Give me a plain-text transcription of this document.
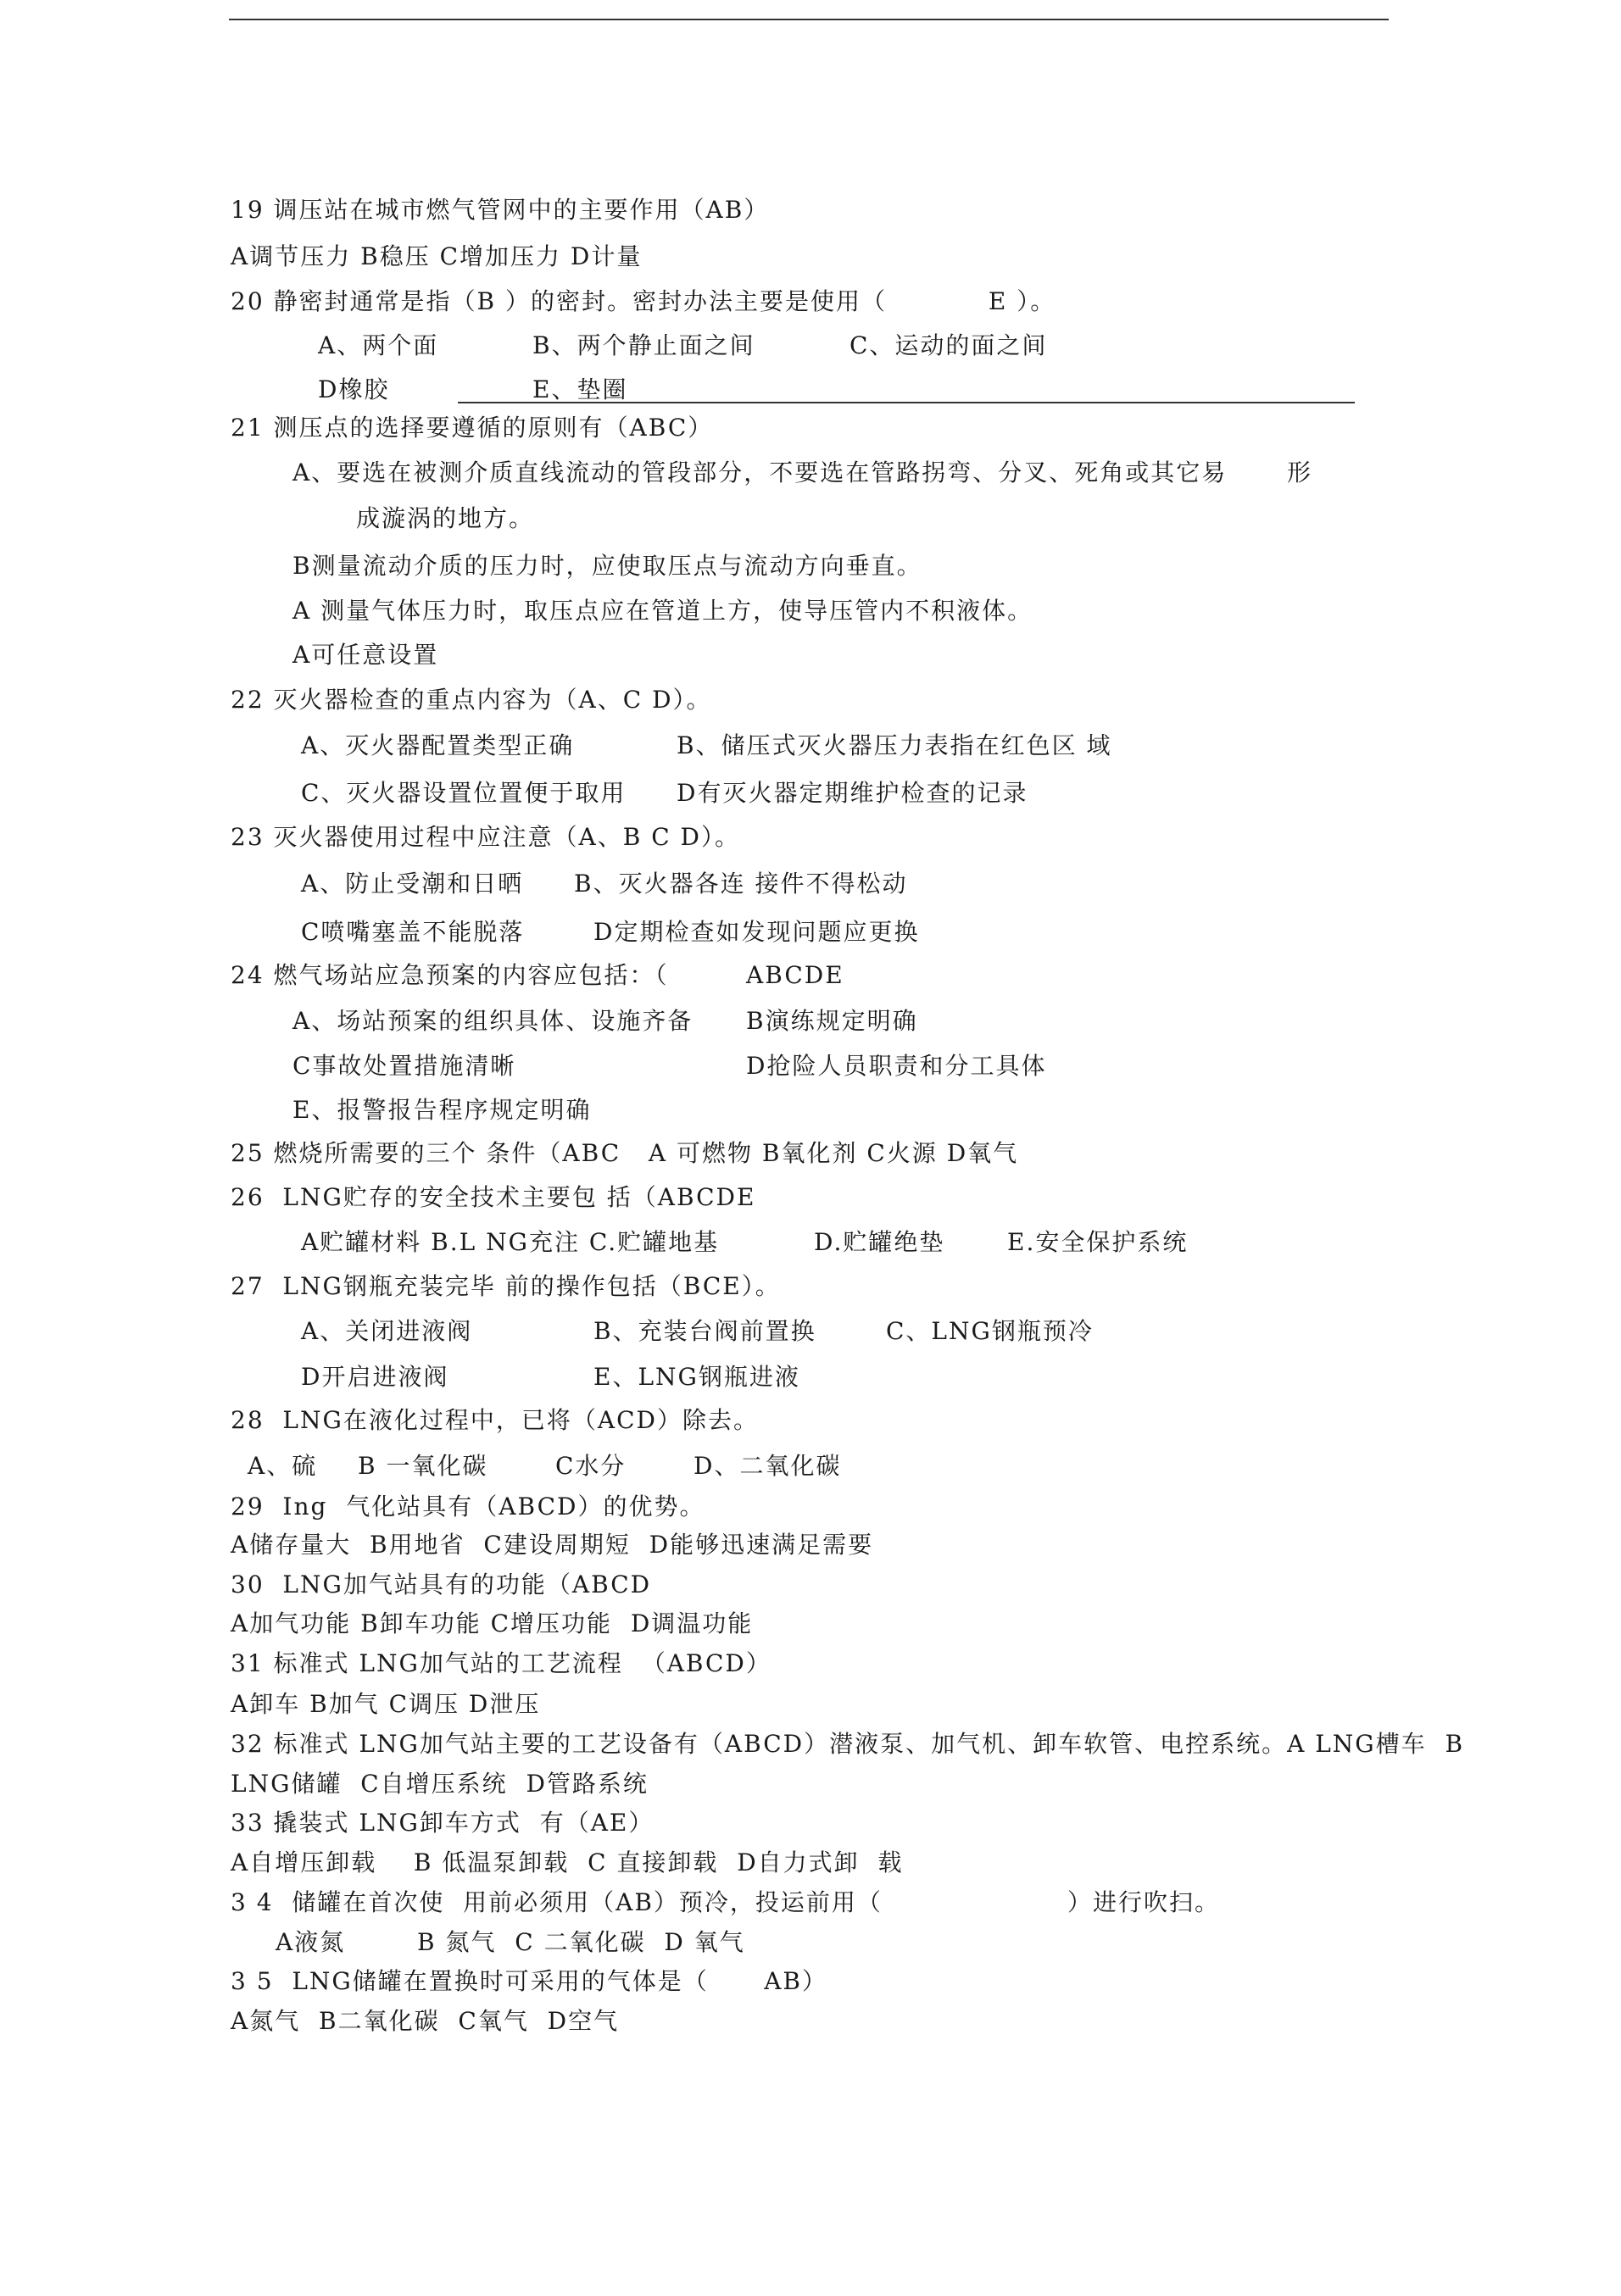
19 调压站在城市燃气管网中的主要作用（AB）
A调节压力 B稳压 C增加压力 D计量
20 静密封通常是指（B ）的密封。密封办法主要是使用（           E ）。
A、两个面	B、两个静止面之间	C、运动的面之间
D橡胶	E、垫圈
21 测压点的选择要遵循的原则有（ABC）
A、要选在被测介质直线流动的管段部分，不要选在管路拐弯、分叉、死角或其它易	形
成漩涡的地方。
B测量流动介质的压力时，应使取压点与流动方向垂直。
A 测量气体压力时，取压点应在管道上方，使导压管内不积液体。
A可任意设置
22 灭火器检查的重点内容为（A、C D）。
A、灭火器配置类型正确	B、储压式灭火器压力表指在红色区 域
C、灭火器设置位置便于取用 D有灭火器定期维护检查的记录
23 灭火器使用过程中应注意（A、B C D）。
A、防止受潮和日晒 B、灭火器各连 接件不得松动
C喷嘴塞盖不能脱落	D定期检查如发现问题应更换
24 燃气场站应急预案的内容应包括：（	ABCDE
A、场站预案的组织具体、设施齐备 B演练规定明确
C事故处置措施清晰	D抢险人员职责和分工具体
E、报警报告程序规定明确
25 燃烧所需要的三个 条件（ABC   A 可燃物 B氧化剂 C火源 D氧气
26  LNG贮存的安全技术主要包 括（ABCDE
A贮罐材料 B.L NG充注 C.贮罐地基	D.贮罐绝垫	E.安全保护系统
27  LNG钢瓶充装完毕 前的操作包括（BCE）。
A、关闭进液阀	B、充装台阀前置换	C、LNG钢瓶预冷
D开启进液阀	E、LNG钢瓶进液
28  LNG在液化过程中，已将（ACD）除去。
A、硫 B 一氧化碳	C水分	D、二氧化碳
29  Ing  气化站具有（ABCD）的优势。
A储存量大  B用地省  C建设周期短  D能够迅速满足需要
30  LNG加气站具有的功能（ABCD
A加气功能 B卸车功能 C增压功能  D调温功能
31 标准式 LNG加气站的工艺流程  （ABCD）
A卸车 B加气 C调压 D泄压
32 标准式 LNG加气站主要的工艺设备有（ABCD）潜液泵、加气机、卸车软管、电控系统。A LNG槽车  B
LNG储罐  C自增压系统  D管路系统
33 撬装式 LNG卸车方式  有（AE）
A自增压卸载    B 低温泵卸载  C 直接卸载  D自力式卸  载
3 4  储罐在首次使  用前必须用（AB）预冷，投运前用（                    ）进行吹扫。
A液氮	B 氮气  C 二氧化碳  D 氧气
3 5  LNG储罐在置换时可采用的气体是（      AB）
A氮气  B二氧化碳  C氧气  D空气
